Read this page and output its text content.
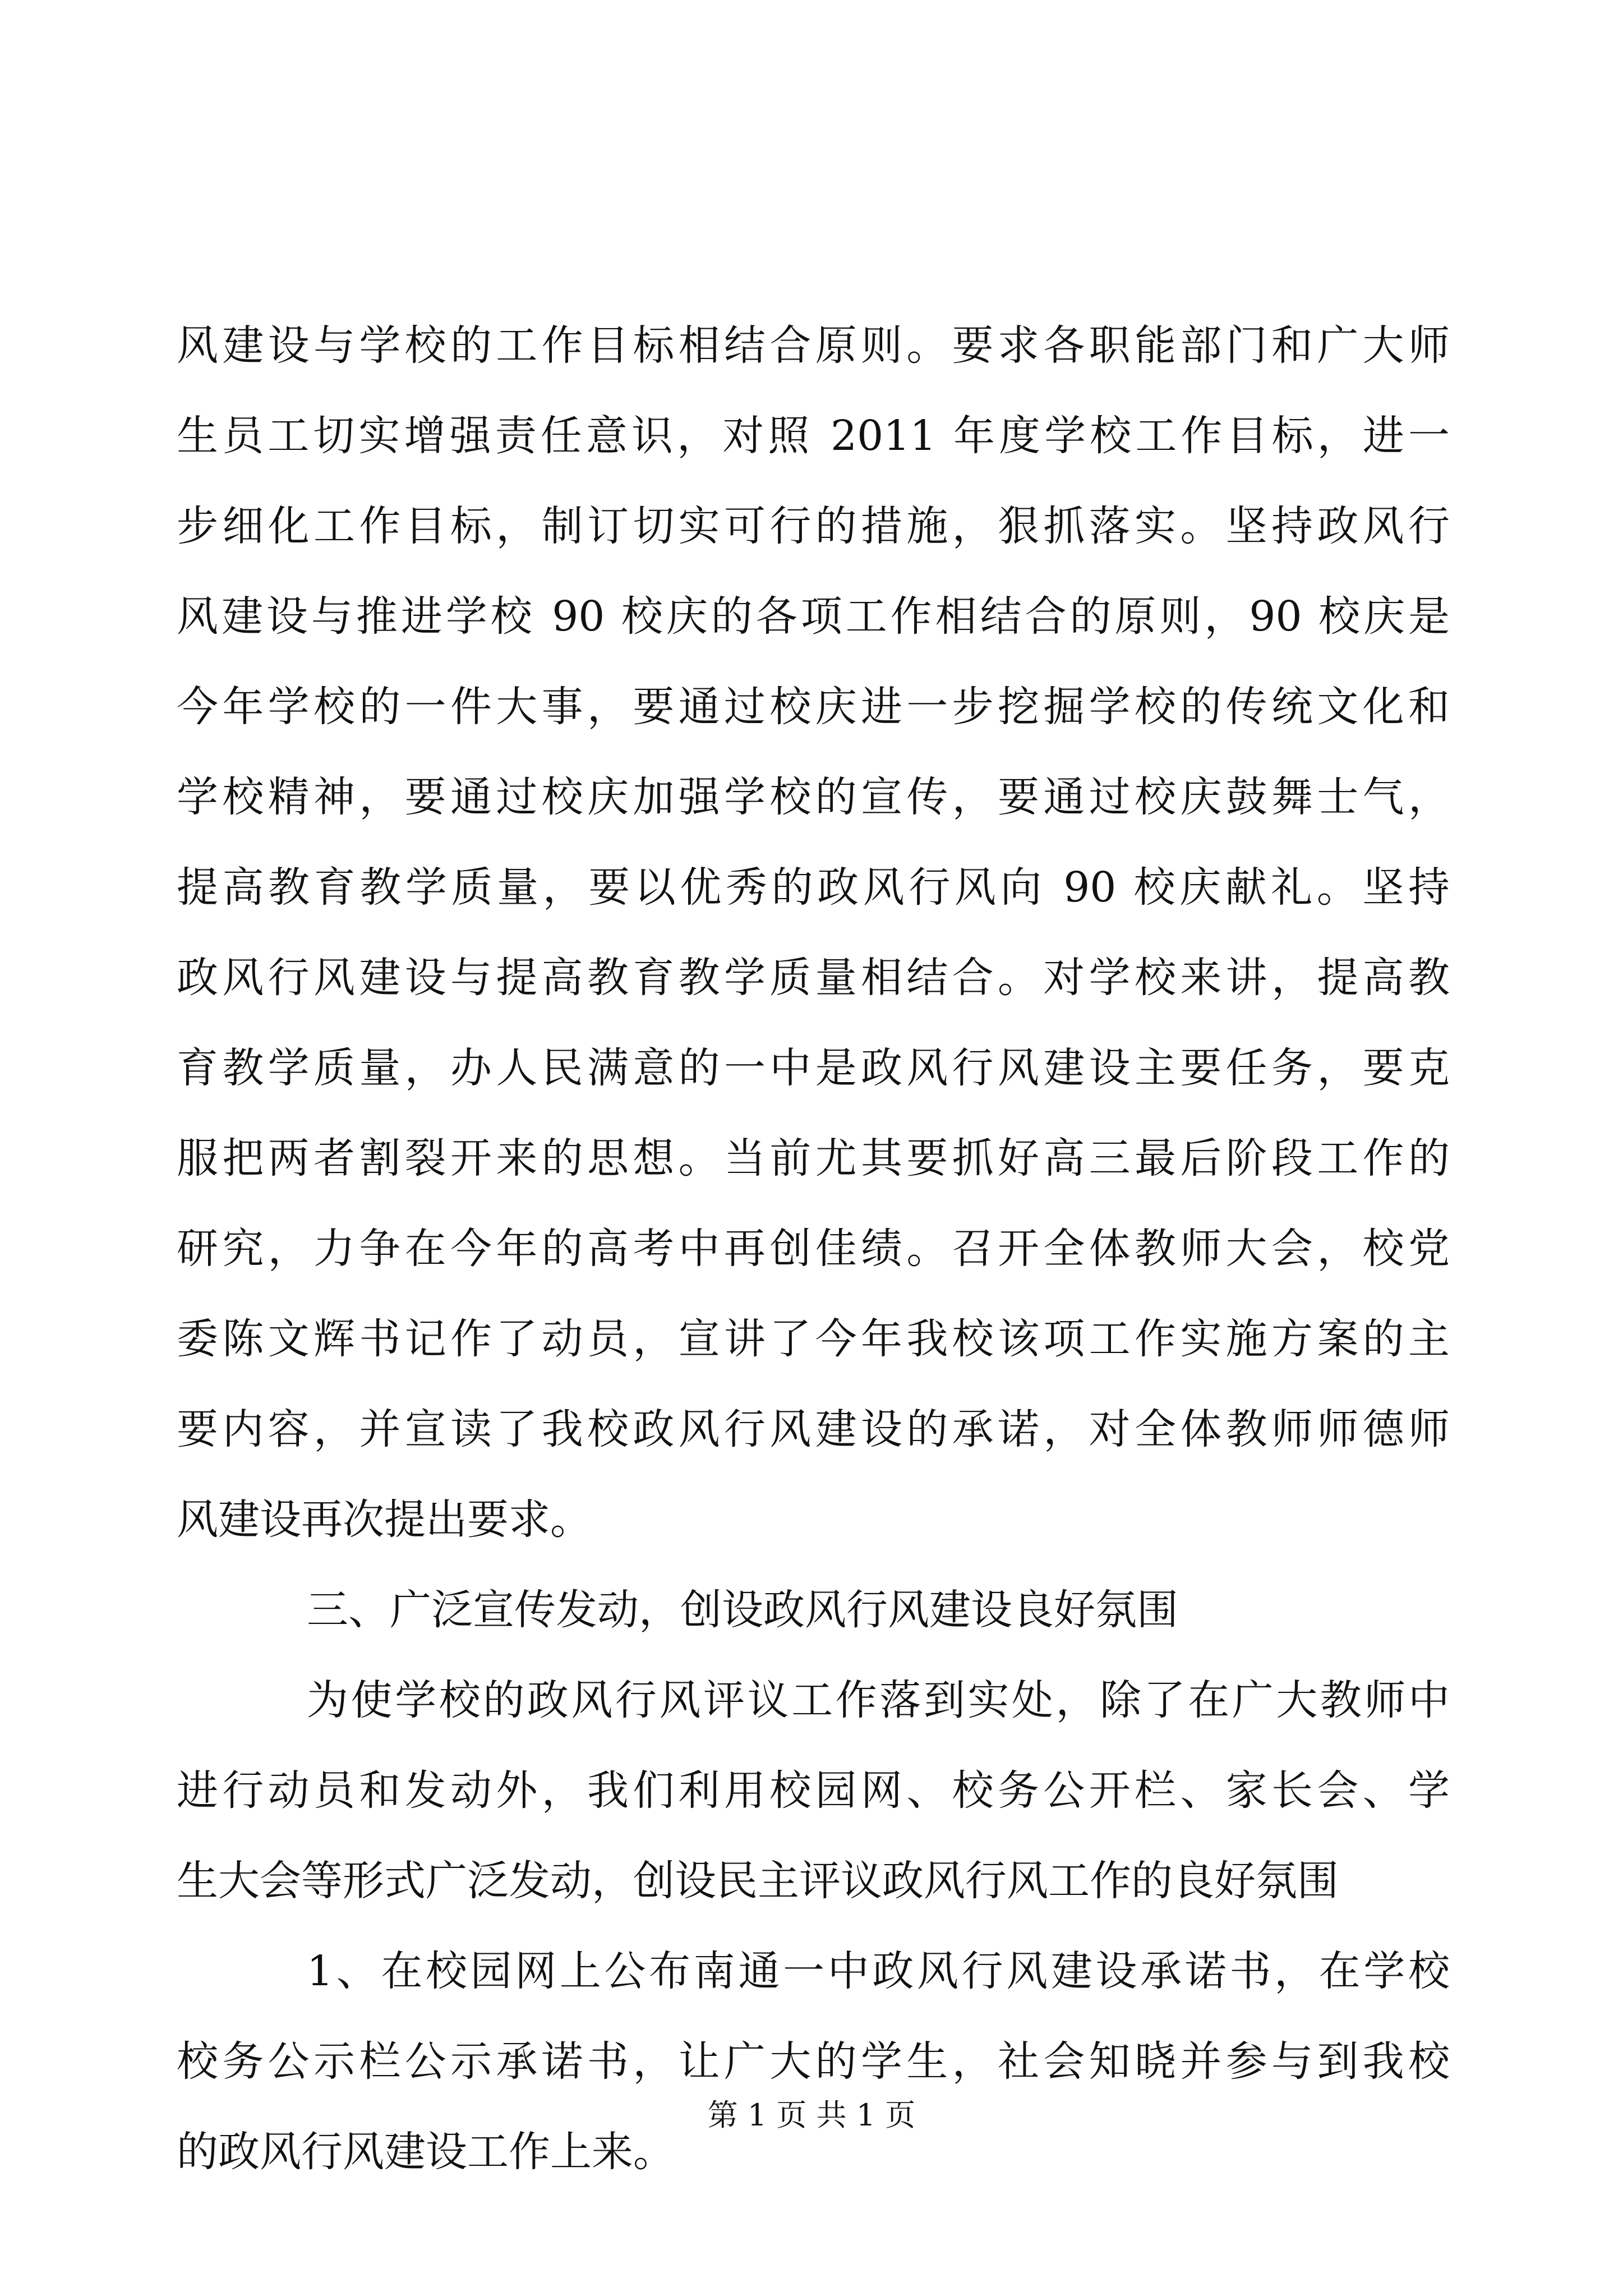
风建设与学校的工作目标相结合原则。要求各职能部门和广大师
生员工切实增强责任意识，对照 2011 年度学校工作目标，进一
步细化工作目标，制订切实可行的措施，狠抓落实。坚持政风行
风建设与推进学校 90 校庆的各项工作相结合的原则，90 校庆是
今年学校的一件大事，要通过校庆进一步挖掘学校的传统文化和
学校精神，要通过校庆加强学校的宣传，要通过校庆鼓舞士气，
提高教育教学质量，要以优秀的政风行风向 90 校庆献礼。坚持
政风行风建设与提高教育教学质量相结合。对学校来讲，提高教
育教学质量，办人民满意的一中是政风行风建设主要任务，要克
服把两者割裂开来的思想。当前尤其要抓好高三最后阶段工作的
研究，力争在今年的高考中再创佳绩。召开全体教师大会，校党
委陈文辉书记作了动员，宣讲了今年我校该项工作实施方案的主
要内容，并宣读了我校政风行风建设的承诺，对全体教师师德师
风建设再次提出要求。
三、广泛宣传发动，创设政风行风建设良好氛围
为使学校的政风行风评议工作落到实处，除了在广大教师中
进行动员和发动外，我们利用校园网、校务公开栏、家长会、学
生大会等形式广泛发动，创设民主评议政风行风工作的良好氛围
1、在校园网上公布南通一中政风行风建设承诺书，在学校
校务公示栏公示承诺书，让广大的学生，社会知晓并参与到我校
的政风行风建设工作上来。
第 1 页 共 1 页
